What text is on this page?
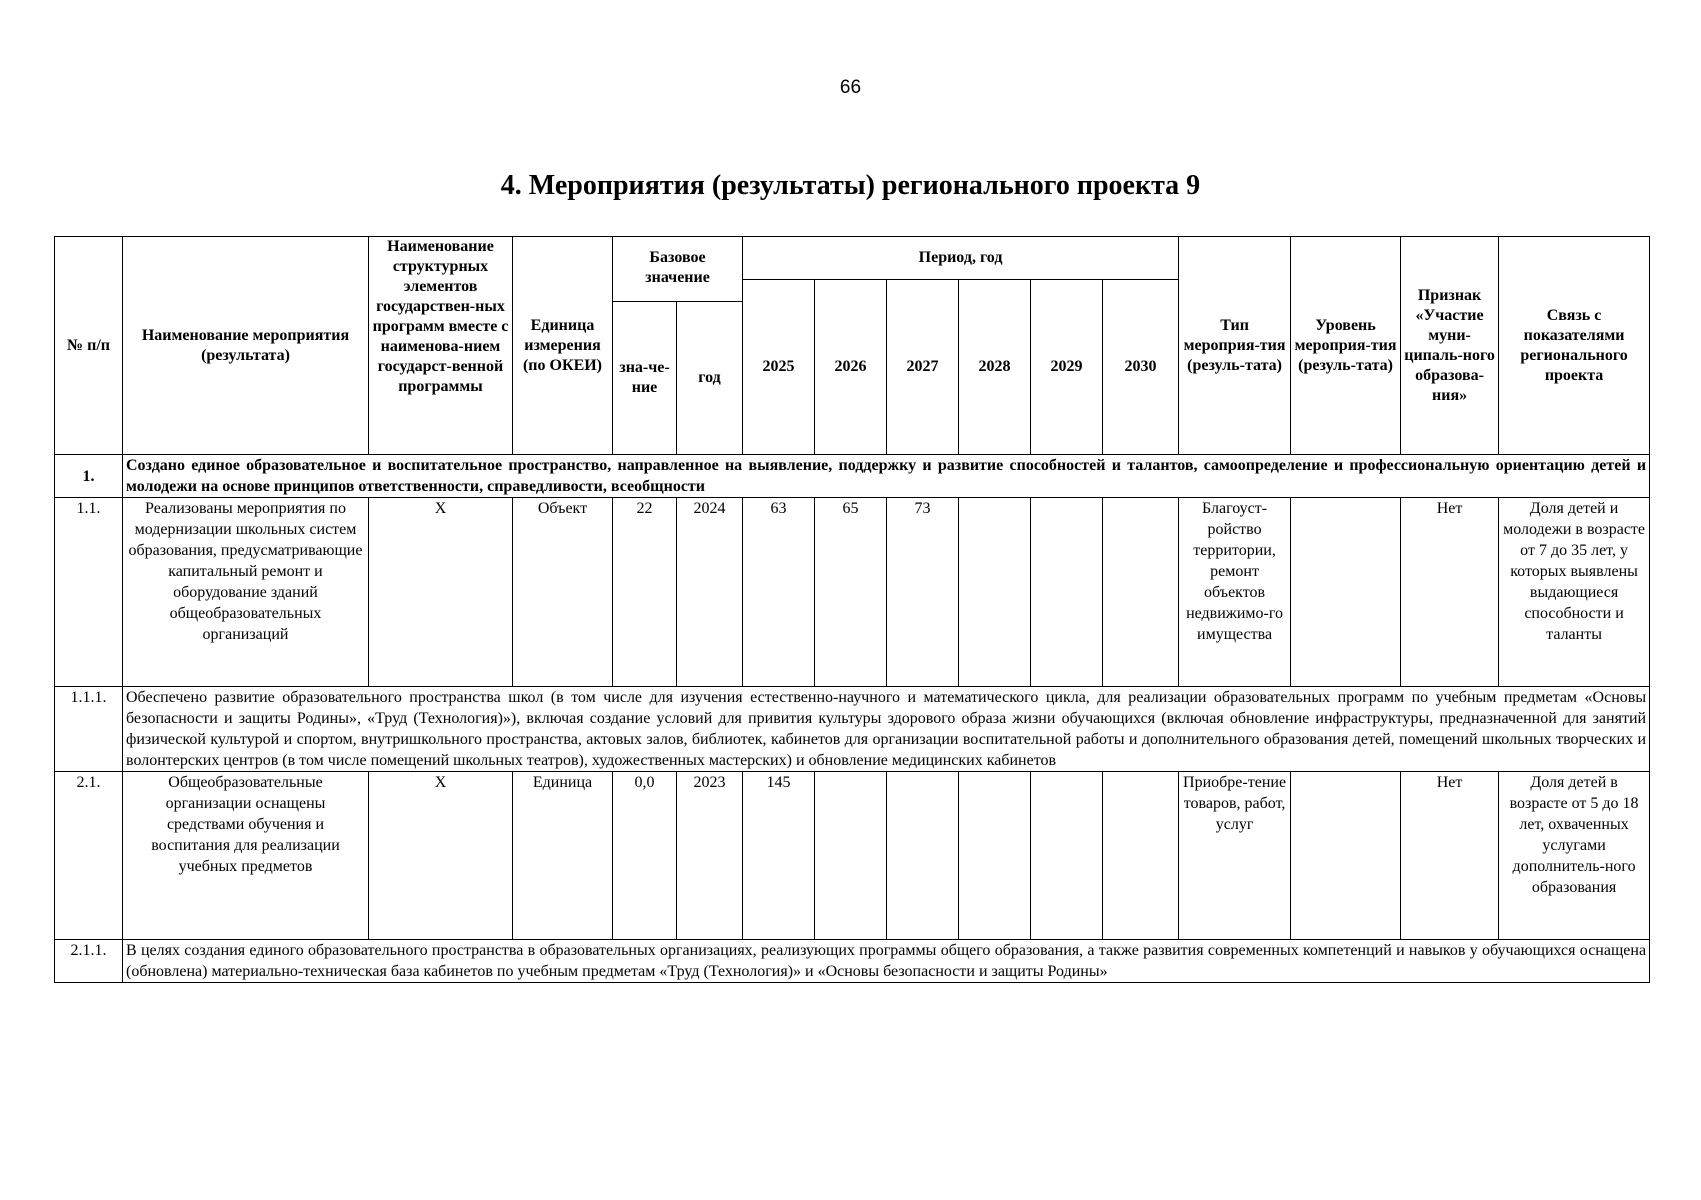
66
4. Мероприятия (результаты) регионального проекта 9
№ п/п	Наименование мероприятия (результата)	Наименование структурных элементов государствен-ных программ вместе с наименова-нием государст-венной программы	Единица измерения (по ОКЕИ)	Базовое значение		Период, год						Тип мероприя-тия (резуль-тата)	Уровень мероприя-тия (резуль-тата)	Признак «Участие муни-ципаль-ного образова-ния»	Связь с показателями регионального проекта
						2025	2026	2027	2028	2029	2030				
				зна-че-ние	год										
1.	Создано единое образовательное и воспитательное пространство, направленное на выявление, поддержку и развитие способностей и талантов, самоопределение и профессиональную ориентацию детей и молодежи на основе принципов ответственности, справедливости, всеобщности														
1.1.	Реализованы мероприятия по модернизации школьных систем образования, предусматривающие капитальный ремонт и оборудование зданий общеобразовательных организаций	Х	Объект	22	2024	63	65	73				Благоуст-ройство территории, ремонт объектов недвижимо-го имущества		Нет	Доля детей и молодежи в возрасте от 7 до 35 лет, у которых выявлены выдающиеся способности и таланты
1.1.1.	Обеспечено развитие образовательного пространства школ (в том числе для изучения естественно-научного и математического цикла, для реализации образовательных программ по учебным предметам «Основы безопасности и защиты Родины», «Труд (Технология)»), включая создание условий для привития культуры здорового образа жизни обучающихся (включая обновление инфраструктуры, предназначенной для занятий физической культурой и спортом, внутришкольного пространства, актовых залов, библиотек, кабинетов для организации воспитательной работы и дополнительного образования детей, помещений школьных творческих и волонтерских центров (в том числе помещений школьных театров), художественных мастерских) и обновление медицинских кабинетов														
2.1.	Общеобразовательные организации оснащены средствами обучения и воспитания для реализации учебных предметов	Х	Единица	0,0	2023	145						Приобре-тение товаров, работ, услуг		Нет	Доля детей в возрасте от 5 до 18 лет, охваченных услугами дополнитель-ного образования
2.1.1.	В целях создания единого образовательного пространства в образовательных организациях, реализующих программы общего образования, а также развития современных компетенций и навыков у обучающихся оснащена (обновлена) материально-техническая база кабинетов по учебным предметам «Труд (Технология)» и «Основы безопасности и защиты Родины»														
